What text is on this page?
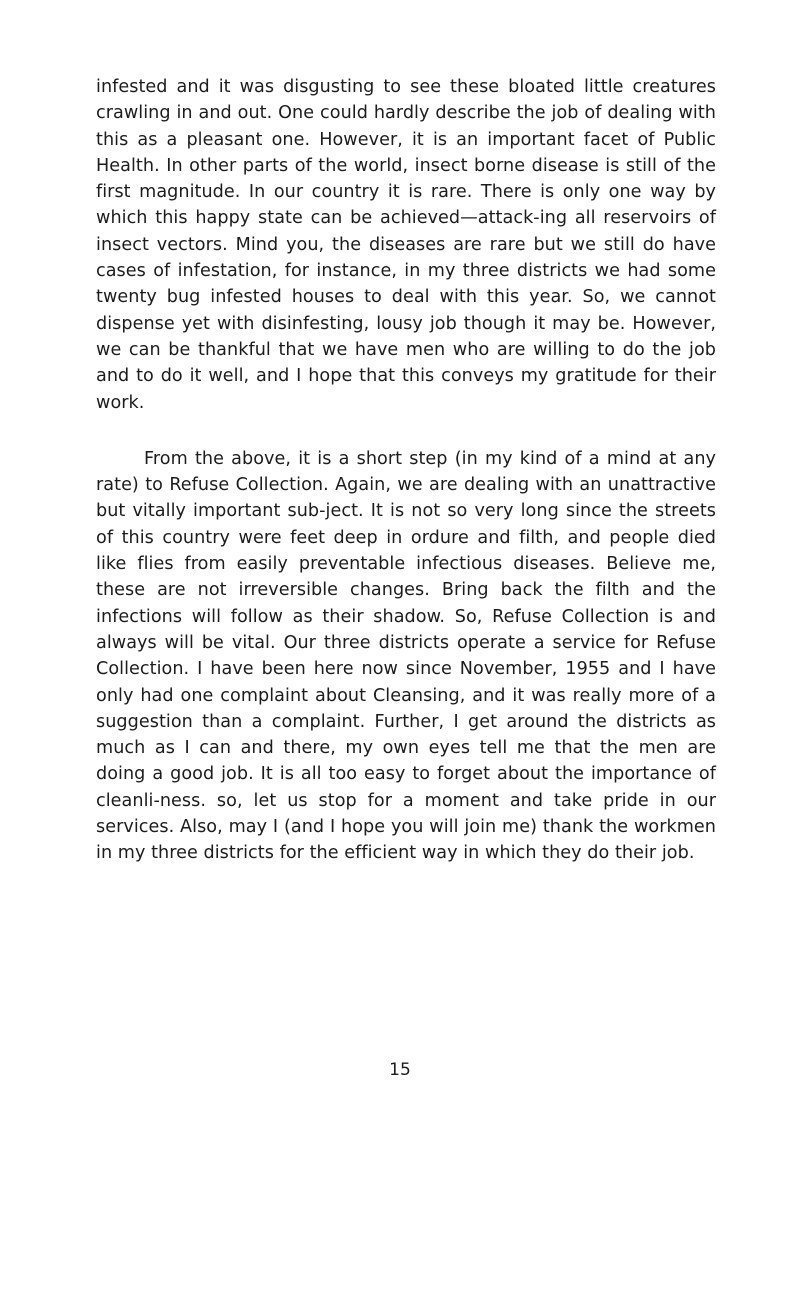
infested and it was disgusting to see these bloated little creatures crawling in and out. One could hardly describe the job of dealing with this as a pleasant one. However, it is an important facet of Public Health. In other parts of the world, insect borne disease is still of the first magnitude. In our country it is rare. There is only one way by which this happy state can be achieved—attack-ing all reservoirs of insect vectors. Mind you, the diseases are rare but we still do have cases of infestation, for instance, in my three districts we had some twenty bug infested houses to deal with this year. So, we cannot dispense yet with disinfesting, lousy job though it may be. However, we can be thankful that we have men who are willing to do the job and to do it well, and I hope that this conveys my gratitude for their work.

From the above, it is a short step (in my kind of a mind at any rate) to Refuse Collection. Again, we are dealing with an unattractive but vitally important sub-ject. It is not so very long since the streets of this country were feet deep in ordure and filth, and people died like flies from easily preventable infectious diseases. Believe me, these are not irreversible changes. Bring back the filth and the infections will follow as their shadow. So, Refuse Collection is and always will be vital. Our three districts operate a service for Refuse Collection. I have been here now since November, 1955 and I have only had one complaint about Cleansing, and it was really more of a suggestion than a complaint. Further, I get around the districts as much as I can and there, my own eyes tell me that the men are doing a good job. It is all too easy to forget about the importance of cleanli-ness. so, let us stop for a moment and take pride in our services. Also, may I (and I hope you will join me) thank the workmen in my three districts for the efficient way in which they do their job.

15
